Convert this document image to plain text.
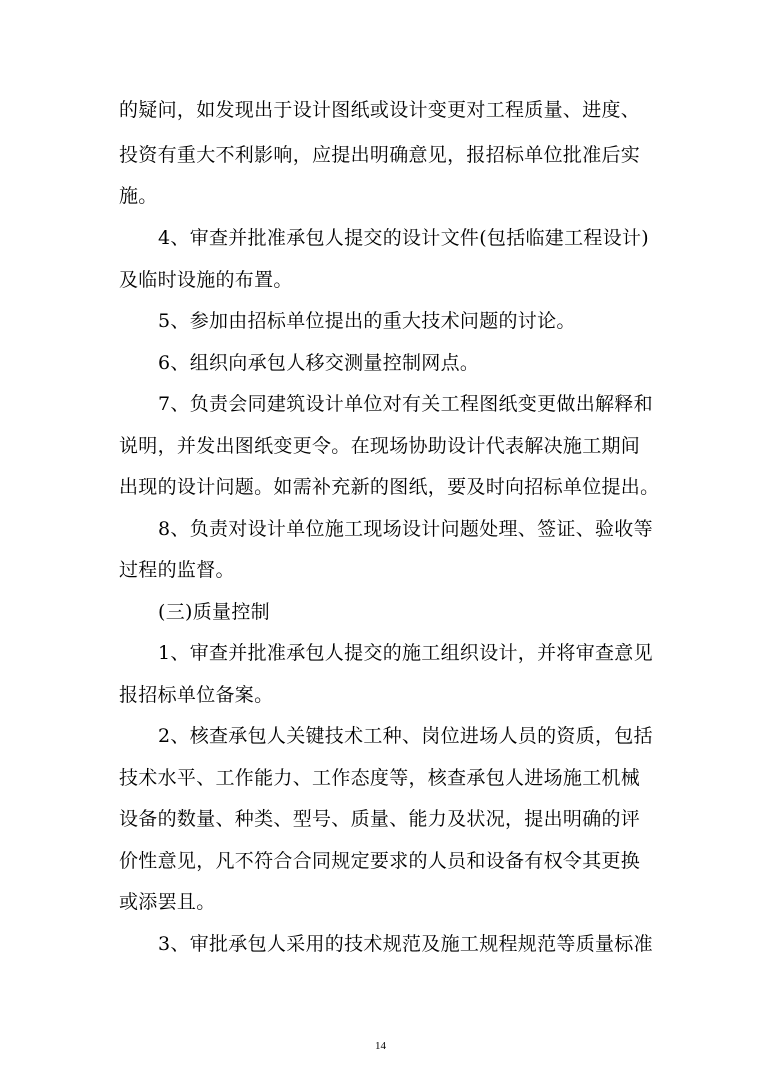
的疑问，如发现出于设计图纸或设计变更对工程质量、进度、
投资有重大不利影响，应提出明确意见，报招标单位批准后实
施。
4、审查并批准承包人提交的设计文件(包括临建工程设计)
及临时设施的布置。
5、参加由招标单位提出的重大技术问题的讨论。
6、组织向承包人移交测量控制网点。
7、负责会同建筑设计单位对有关工程图纸变更做出解释和
说明，并发出图纸变更令。在现场协助设计代表解决施工期间
出现的设计问题。如需补充新的图纸，要及时向招标单位提出。
8、负责对设计单位施工现场设计问题处理、签证、验收等
过程的监督。
(三)质量控制
1、审查并批准承包人提交的施工组织设计，并将审查意见
报招标单位备案。
2、核查承包人关键技术工种、岗位进场人员的资质，包括
技术水平、工作能力、工作态度等，核查承包人进场施工机械
设备的数量、种类、型号、质量、能力及状况，提出明确的评
价性意见，凡不符合合同规定要求的人员和设备有权令其更换
或添罢且。
3、审批承包人采用的技术规范及施工规程规范等质量标准
14
